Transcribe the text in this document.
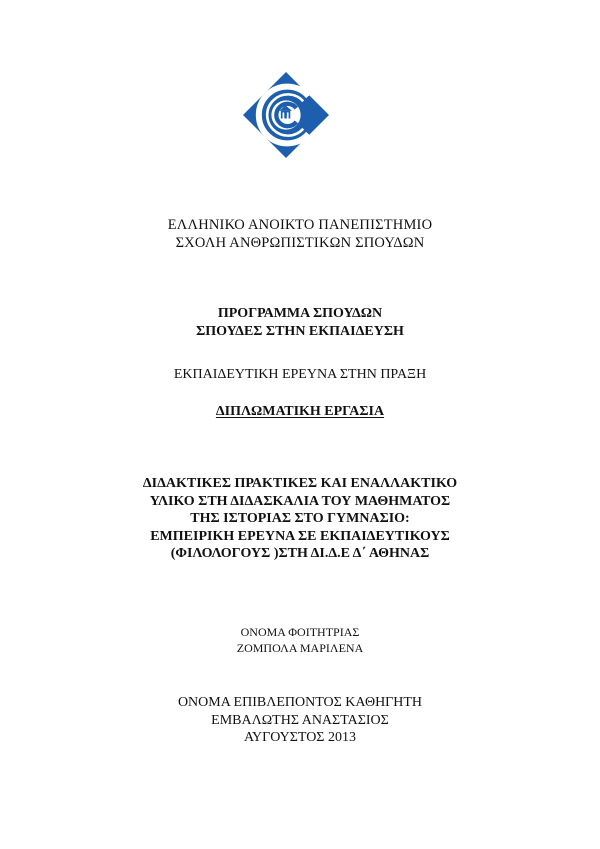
ΕΛΛΗΝΙΚΟ ΑΝΟΙΚΤΟ ΠΑΝΕΠΙΣΤΗΜΙΟ
ΣΧΟΛΗ ΑΝΘΡΩΠΙΣΤΙΚΩΝ ΣΠΟΥΔΩΝ
ΠΡΟΓΡΑΜΜΑ ΣΠΟΥΔΩΝ
ΣΠΟΥΔΕΣ ΣΤΗΝ ΕΚΠΑΙΔΕΥΣΗ
ΕΚΠΑΙΔΕΥΤΙΚΗ ΕΡΕΥΝΑ ΣΤΗΝ ΠΡΑΞΗ
ΔΙΠΛΩΜΑΤΙΚΗ ΕΡΓΑΣΙΑ
ΔΙΔΑΚΤΙΚΕΣ ΠΡΑΚΤΙΚΕΣ ΚΑΙ ΕΝΑΛΛΑΚΤΙΚΟ
ΥΛΙΚΟ ΣΤΗ ΔΙΔΑΣΚΑΛΙΑ ΤΟΥ ΜΑΘΗΜΑΤΟΣ
ΤΗΣ ΙΣΤΟΡΙΑΣ ΣΤΟ ΓΥΜΝΑΣΙΟ:
ΕΜΠΕΙΡΙΚΗ ΕΡΕΥΝΑ ΣΕ ΕΚΠΑΙΔΕΥΤΙΚΟΥΣ
(ΦΙΛΟΛΟΓΟΥΣ )ΣΤΗ ΔΙ.Δ.Ε Δ΄ ΑΘΗΝΑΣ
ΟΝΟΜΑ ΦΟΙΤΗΤΡΙΑΣ
ΖΟΜΠΟΛΑ ΜΑΡΙΛΕΝΑ
ΟΝΟΜΑ ΕΠΙΒΛΕΠΟΝΤΟΣ ΚΑΘΗΓΗΤΗ
ΕΜΒΑΛΩΤΗΣ ΑΝΑΣΤΑΣΙΟΣ
ΑΥΓΟΥΣΤΟΣ 2013
